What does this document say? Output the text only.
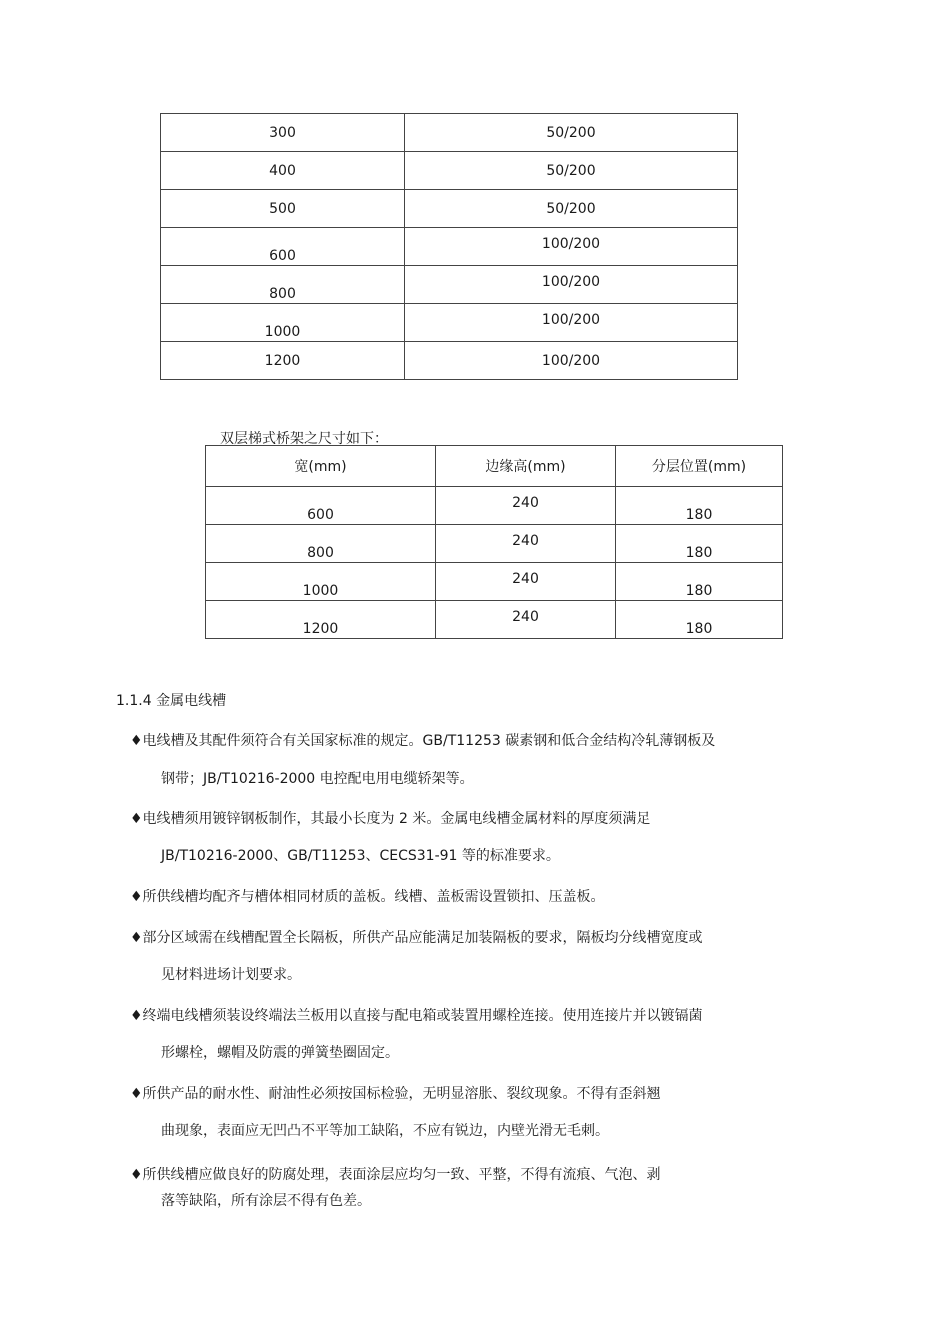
300	50/200
400	50/200
500	50/200
600	100/200
800	100/200
1000	100/200
1200	100/200
双层梯式桥架之尺寸如下：
宽(mm)	边缘高(mm)	分层位置(mm)
600	240	180
800	240	180
1000	240	180
1200	240	180
1.1.4 金属电线槽
♦电线槽及其配件须符合有关国家标准的规定。GB/T11253 碳素钢和低合金结构冷轧薄钢板及
钢带；JB/T10216-2000 电控配电用电缆轿架等。
♦电线槽须用镀锌钢板制作，其最小长度为 2 米。金属电线槽金属材料的厚度须满足
JB/T10216-2000、GB/T11253、CECS31-91 等的标准要求。
♦所供线槽均配齐与槽体相同材质的盖板。线槽、盖板需设置锁扣、压盖板。
♦部分区域需在线槽配置全长隔板，所供产品应能满足加装隔板的要求，隔板均分线槽宽度或
见材料进场计划要求。
♦终端电线槽须装设终端法兰板用以直接与配电箱或装置用螺栓连接。使用连接片并以镀镉菌
形螺栓，螺帽及防震的弹簧垫圈固定。
♦所供产品的耐水性、耐油性必须按国标检验，无明显溶胀、裂纹现象。不得有歪斜翘
曲现象，表面应无凹凸不平等加工缺陷，不应有锐边，内壁光滑无毛刺。
♦所供线槽应做良好的防腐处理，表面涂层应均匀一致、平整，不得有流痕、气泡、剥
落等缺陷，所有涂层不得有色差。
